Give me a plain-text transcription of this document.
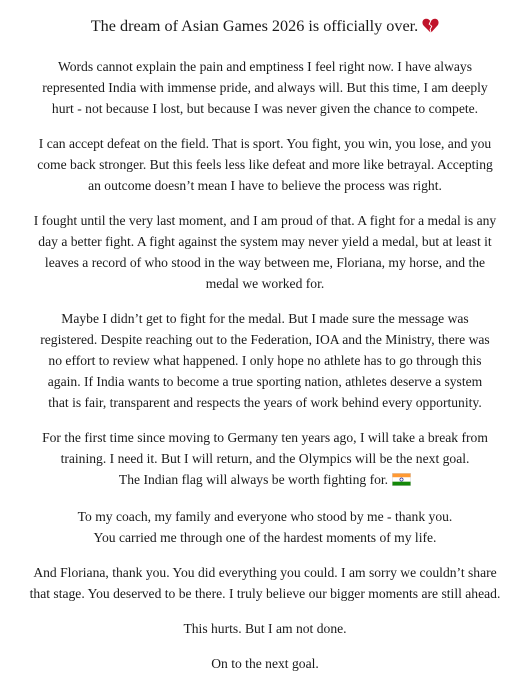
The dream of Asian Games 2026 is officially over.

Words cannot explain the pain and emptiness I feel right now. I have always
represented India with immense pride, and always will. But this time, I am deeply
hurt - not because I lost, but because I was never given the chance to compete.

I can accept defeat on the field. That is sport. You fight, you win, you lose, and you
come back stronger. But this feels less like defeat and more like betrayal. Accepting
an outcome doesn’t mean I have to believe the process was right.

I fought until the very last moment, and I am proud of that. A fight for a medal is any
day a better fight. A fight against the system may never yield a medal, but at least it
leaves a record of who stood in the way between me, Floriana, my horse, and the
medal we worked for.

Maybe I didn’t get to fight for the medal. But I made sure the message was
registered. Despite reaching out to the Federation, IOA and the Ministry, there was
no effort to review what happened. I only hope no athlete has to go through this
again. If India wants to become a true sporting nation, athletes deserve a system
that is fair, transparent and respects the years of work behind every opportunity.

For the first time since moving to Germany ten years ago, I will take a break from
training. I need it. But I will return, and the Olympics will be the next goal.
The Indian flag will always be worth fighting for.

To my coach, my family and everyone who stood by me - thank you.
You carried me through one of the hardest moments of my life.

And Floriana, thank you. You did everything you could. I am sorry we couldn’t share
that stage. You deserved to be there. I truly believe our bigger moments are still ahead.

This hurts. But I am not done.

On to the next goal.
